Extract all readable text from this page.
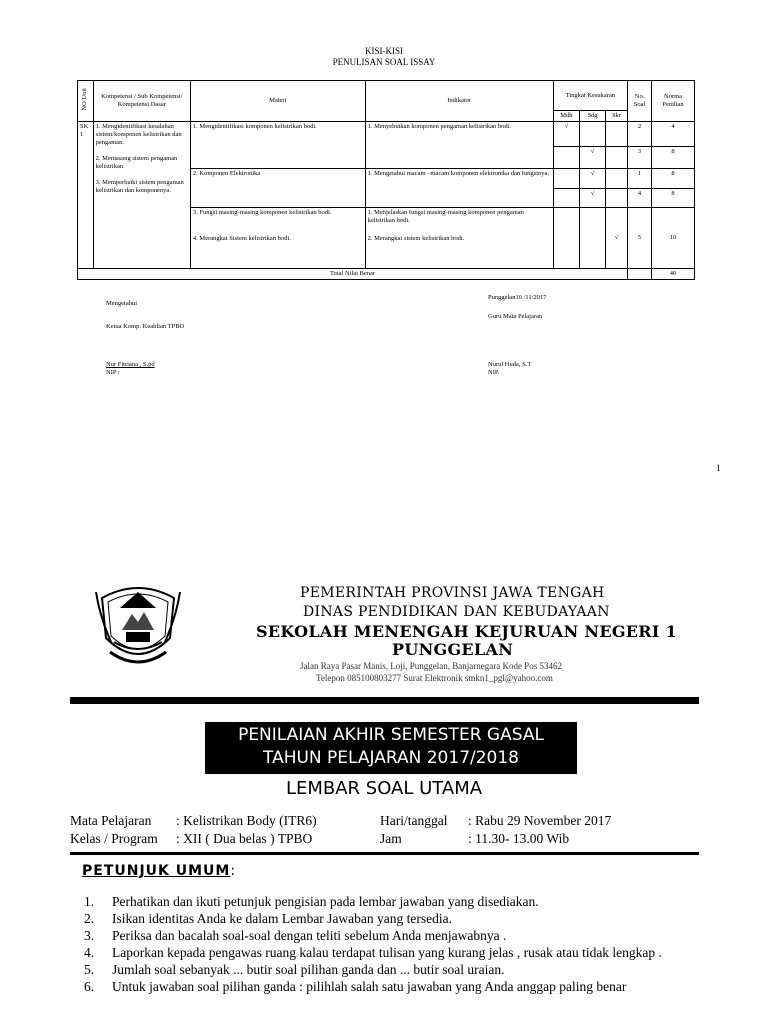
KISI-KISI
PENULISAN SOAL ISSAY
NO Unit	Kompetensi / Sub Kompetensi/ Kompetensi Dasar	Materi	Indikator	Tingkat Kesukaran			No. Soal	Norma Penilian
				Mdh	Sdg	Skr		
SK 1	1. Mengidentifikasi kesalahan sistem/komponen kelistrikan dan pengaman.

2. Memasang sistem pengaman kelistrikan

3. Memperbaiki sistem pengaman kelistrikan dan komponenya.	1. Mengidentifikasi komponen kelistrikan bodi.	1. Menyebutkan komponen pengaman kelistrikan bodi.	√			2	4
					√		3	8
		2. Komponen Elektronika	1. Mengetahui macam –macam komponen elektronika dan fungsinya.		√		1	8
					√		4	8
		3. Fungsi masing-masing komponen kelistrikan bodi.	1. Menjelaskan fungsi masing-masing komponen pengaman kelistrikan bodi.			√	5	10
		4. Merangkai Sistem kelistrikan bodi.	2. Merangkai sistem kelistrikan bodi.					
Total Nilai Benar								40
Punggelan10 /11/2017
Mengetahui
Guru Mata Pelajaran
Ketua Komp. Keahlian TPBO
Nur Fitriana , S.pd
NIP :
Nurul Huda, S.T
NIP.
1
PEMERINTAH PROVINSI JAWA TENGAH
DINAS PENDIDIKAN DAN KEBUDAYAAN
SEKOLAH MENENGAH KEJURUAN NEGERI 1
PUNGGELAN
Jalan Raya Pasar Manis, Loji, Punggelan, Banjarnegara Kode Pos 53462
Telepon 085100803277 Surat Elektronik smkn1_pgl@yahoo.com
PENILAIAN AKHIR SEMESTER GASAL
TAHUN PELAJARAN 2017/2018
LEMBAR SOAL UTAMA
Mata Pelajaran : Kelistrikan Body (ITR6)
Kelas / Program : XII ( Dua belas ) TPBO
Hari/tanggal : Rabu 29 November 2017
Jam	: 11.30- 13.00 Wib
PETUNJUK UMUM:
1. Perhatikan dan ikuti petunjuk pengisian pada lembar jawaban yang disediakan.
2. Isikan identitas Anda ke dalam Lembar Jawaban yang tersedia.
3. Periksa dan bacalah soal-soal dengan teliti sebelum Anda menjawabnya .
4. Laporkan kepada pengawas ruang kalau terdapat tulisan yang kurang jelas , rusak atau tidak lengkap .
5. Jumlah soal sebanyak ... butir soal pilihan ganda dan ... butir soal uraian.
6. Untuk jawaban soal pilihan ganda : pilihlah salah satu jawaban yang Anda anggap paling benar
